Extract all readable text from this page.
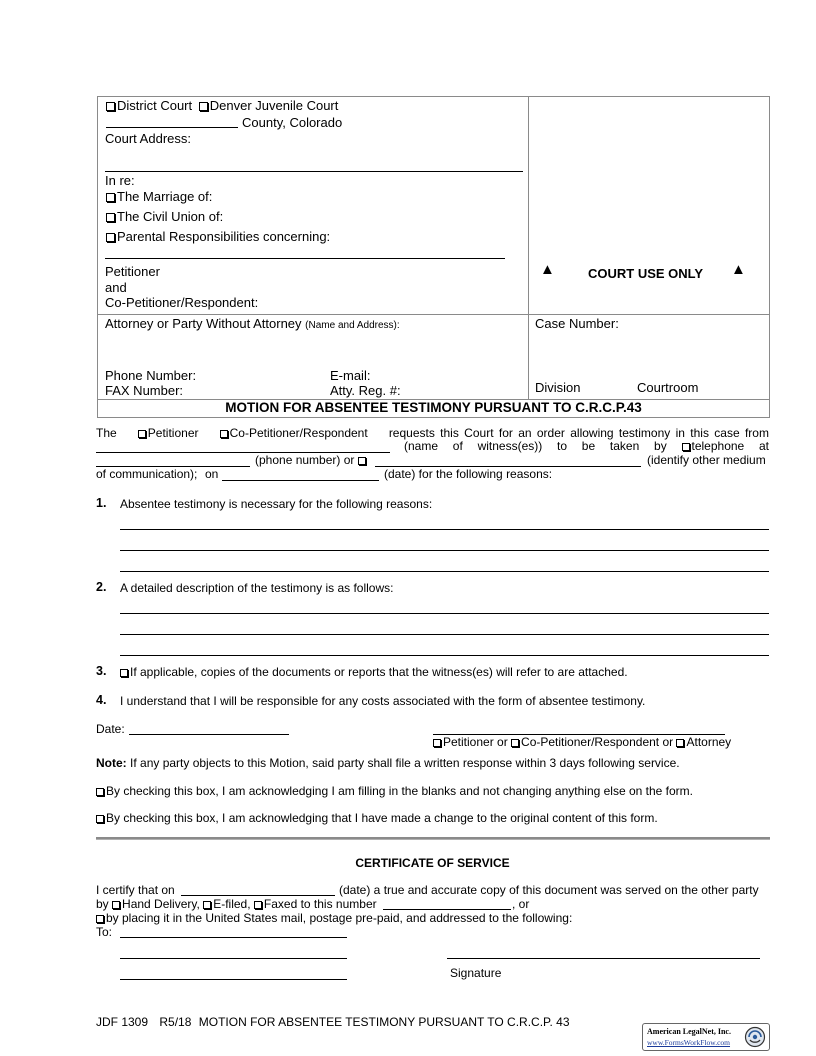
District Court Denver Juvenile Court
County, Colorado
Court Address:
In re:
The Marriage of:
The Civil Union of:
Parental Responsibilities concerning:
Petitioner
and
Co-Petitioner/Respondent:
▲	COURT USE ONLY ▲
Attorney or Party Without Attorney (Name and Address):
Phone Number:	E-mail:
FAX Number:	Atty. Reg. #:
Case Number:
Division	Courtroom
MOTION FOR ABSENTEE TESTIMONY PURSUANT TO C.R.C.P.43
The	Petitioner	Co-Petitioner/Respondent requests this Court for an order allowing testimony in this case from
(name of witness(es)) to be taken by	telephone at
(phone number) or	(identify other medium
of communication); on	(date) for the following reasons:
1. Absentee testimony is necessary for the following reasons:
2. A detailed description of the testimony is as follows:
3.	If applicable, copies of the documents or reports that the witness(es) will refer to are attached.
4. I understand that I will be responsible for any costs associated with the form of absentee testimony.
Date:
Petitioner or Co-Petitioner/Respondent or Attorney
Note: If any party objects to this Motion, said party shall file a written response within 3 days following service.
By checking this box, I am acknowledging I am filling in the blanks and not changing anything else on the form.
By checking this box, I am acknowledging that I have made a change to the original content of this form.
CERTIFICATE OF SERVICE
I certify that on	(date) a true and accurate copy of this document was served on the other party
by Hand Delivery, E-filed, Faxed to this number	, or
by placing it in the United States mail, postage pre-paid, and addressed to the following:
To:
Signature
JDF 1309 R5/18 MOTION FOR ABSENTEE TESTIMONY PURSUANT TO C.R.C.P. 43
American LegalNet, Inc.
www.FormsWorkFlow.com
